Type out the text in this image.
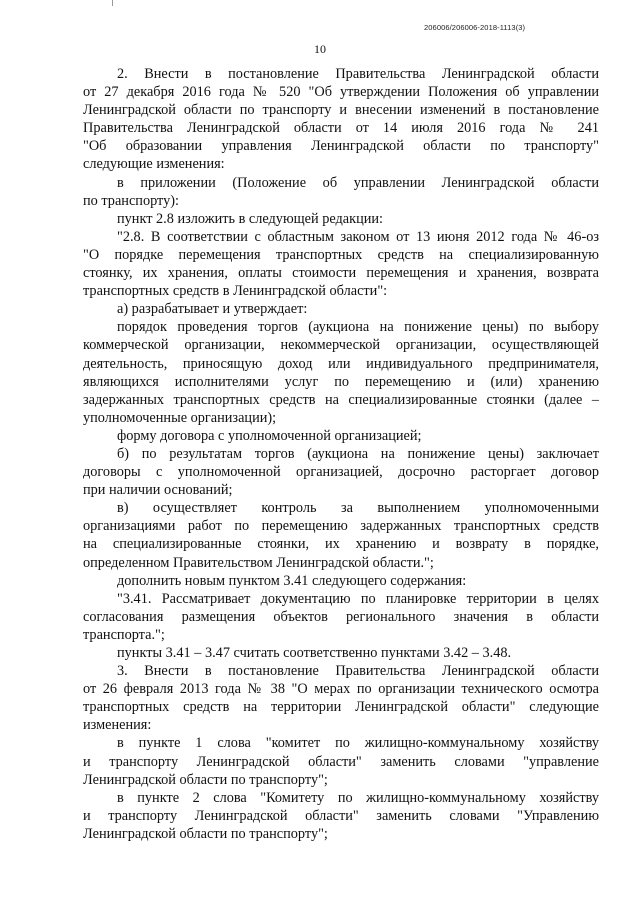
206006/206006-2018-1113(3)
10
2. Внести в постановление Правительства Ленинградской области
от 27 декабря 2016 года № 520 "Об утверждении Положения об управлении
Ленинградской области по транспорту и внесении изменений в постановление
Правительства Ленинградской области от 14 июля 2016 года № 241
"Об образовании управления Ленинградской области по транспорту"
следующие изменения:
в приложении (Положение об управлении Ленинградской области
по транспорту):
пункт 2.8 изложить в следующей редакции:
"2.8. В соответствии с областным законом от 13 июня 2012 года № 46-оз
"О порядке перемещения транспортных средств на специализированную
стоянку, их хранения, оплаты стоимости перемещения и хранения, возврата
транспортных средств в Ленинградской области":
а) разрабатывает и утверждает:
порядок проведения торгов (аукциона на понижение цены) по выбору
коммерческой организации, некоммерческой организации, осуществляющей
деятельность, приносящую доход или индивидуального предпринимателя,
являющихся исполнителями услуг по перемещению и (или) хранению
задержанных транспортных средств на специализированные стоянки (далее –
уполномоченные организации);
форму договора с уполномоченной организацией;
б) по результатам торгов (аукциона на понижение цены) заключает
договоры с уполномоченной организацией, досрочно расторгает договор
при наличии оснований;
в) осуществляет контроль за выполнением уполномоченными
организациями работ по перемещению задержанных транспортных средств
на специализированные стоянки, их хранению и возврату в порядке,
определенном Правительством Ленинградской области.";
дополнить новым пунктом 3.41 следующего содержания:
"3.41. Рассматривает документацию по планировке территории в целях
согласования размещения объектов регионального значения в области
транспорта.";
пункты 3.41 – 3.47 считать соответственно пунктами 3.42 – 3.48.
3. Внести в постановление Правительства Ленинградской области
от 26 февраля 2013 года № 38 "О мерах по организации технического осмотра
транспортных средств на территории Ленинградской области" следующие
изменения:
в пункте 1 слова "комитет по жилищно-коммунальному хозяйству
и транспорту Ленинградской области" заменить словами "управление
Ленинградской области по транспорту";
в пункте 2 слова "Комитету по жилищно-коммунальному хозяйству
и транспорту Ленинградской области" заменить словами "Управлению
Ленинградской области по транспорту";
